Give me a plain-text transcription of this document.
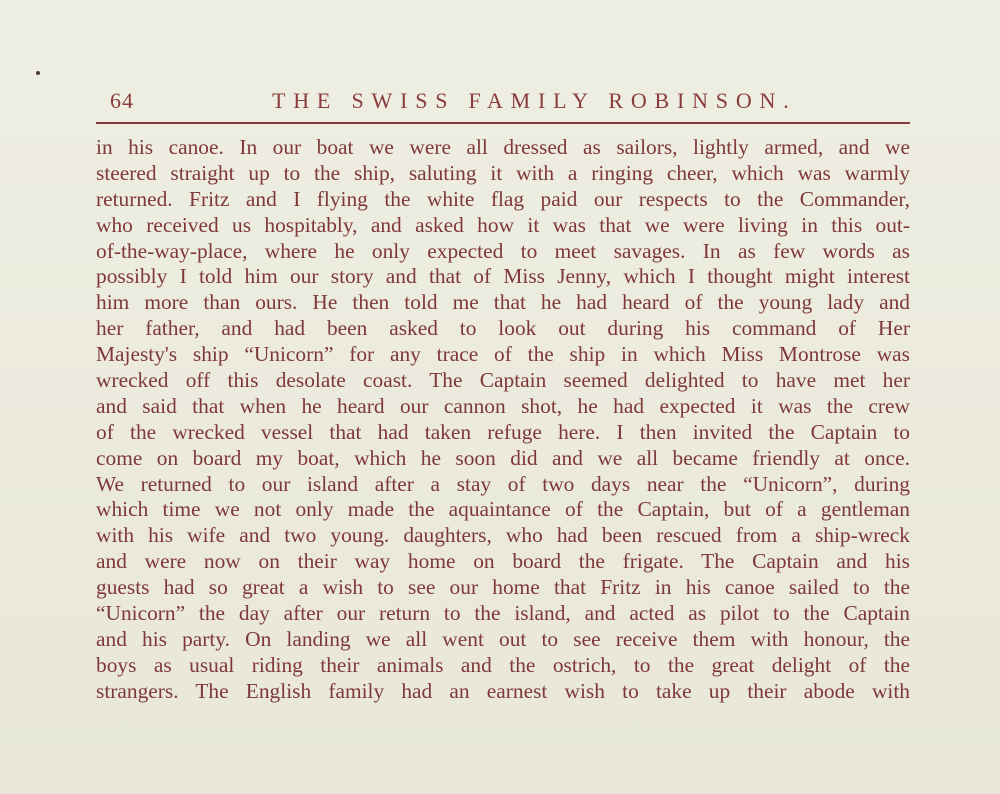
64	THE SWISS FAMILY ROBINSON.
in his canoe. In our boat we were all dressed as sailors, lightly armed, and we
steered straight up to the ship, saluting it with a ringing cheer, which was warmly
returned. Fritz and I flying the white flag paid our respects to the Commander,
who received us hospitably, and asked how it was that we were living in this out-
of-the-way-place, where he only expected to meet savages. In as few words as
possibly I told him our story and that of Miss Jenny, which I thought might interest
him more than ours. He then told me that he had heard of the young lady and
her father, and had been asked to look out during his command of Her
Majesty's ship “Unicorn” for any trace of the ship in which Miss Montrose was
wrecked off this desolate coast. The Captain seemed delighted to have met her
and said that when he heard our cannon shot, he had expected it was the crew
of the wrecked vessel that had taken refuge here. I then invited the Captain to
come on board my boat, which he soon did and we all became friendly at once.
We returned to our island after a stay of two days near the “Unicorn”, during
which time we not only made the aquaintance of the Captain, but of a gentleman
with his wife and two young. daughters, who had been rescued from a ship-wreck
and were now on their way home on board the frigate. The Captain and his
guests had so great a wish to see our home that Fritz in his canoe sailed to the
“Unicorn” the day after our return to the island, and acted as pilot to the Captain
and his party. On landing we all went out to see receive them with honour, the
boys as usual riding their animals and the ostrich, to the great delight of the
strangers. The English family had an earnest wish to take up their abode with
